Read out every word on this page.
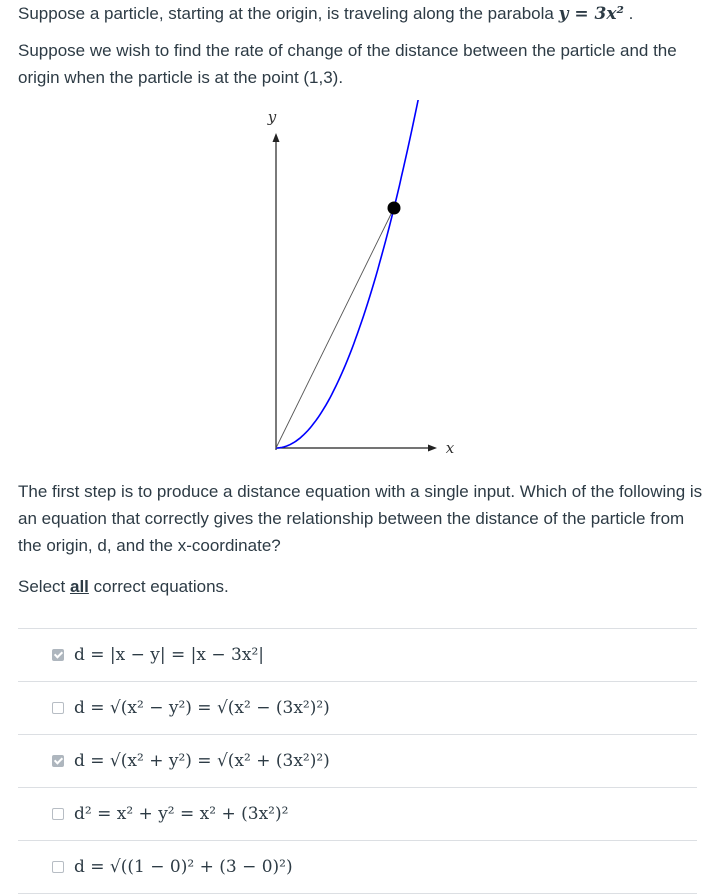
Suppose a particle, starting at the origin, is traveling along the parabola y = 3x² .

Suppose we wish to find the rate of change of the distance between the particle and the origin when the particle is at the point (1,3).

y
x

The first step is to produce a distance equation with a single input. Which of the following is an equation that correctly gives the relationship between the distance of the particle from the origin, d, and the x-coordinate?

Select all correct equations.

d = |x − y| = |x − 3x²|
d = √(x² − y²) = √(x² − (3x²)²)
d = √(x² + y²) = √(x² + (3x²)²)
d² = x² + y² = x² + (3x²)²
d = √((1 − 0)² + (3 − 0)²)
